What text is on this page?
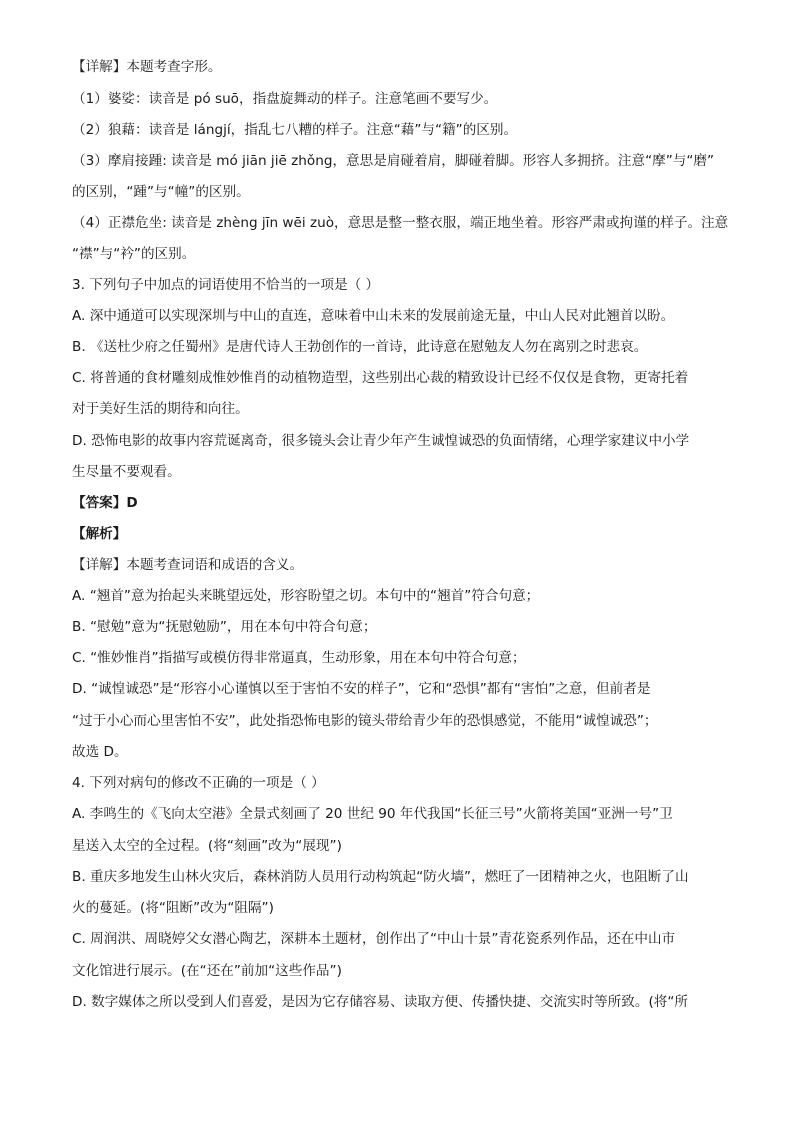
【详解】本题考查字形。
（1）婆娑：读音是 pó suō，指盘旋舞动的样子。注意笔画不要写少。
（2）狼藉：读音是 lángjí，指乱七八糟的样子。注意“藉”与“籍”的区别。
（3）摩肩接踵: 读音是 mó jiān jiē zhǒng，意思是肩碰着肩，脚碰着脚。形容人多拥挤。注意“摩”与“磨”
的区别，“踵”与“幢”的区别。
（4）正襟危坐: 读音是 zhèng jīn wēi zuò，意思是整一整衣服，端正地坐着。形容严肃或拘谨的样子。注意
“襟”与“衿”的区别。
3. 下列句子中加点的词语使用不恰当的一项是（ ）
A. 深中通道可以实现深圳与中山的直连，意味着中山未来的发展前途无量，中山人民对此翘首以盼。
B. 《送杜少府之任蜀州》是唐代诗人王勃创作的一首诗，此诗意在慰勉友人勿在离别之时悲哀。
C. 将普通的食材雕刻成惟妙惟肖的动植物造型，这些别出心裁的精致设计已经不仅仅是食物，更寄托着
对于美好生活的期待和向往。
D. 恐怖电影的故事内容荒诞离奇，很多镜头会让青少年产生诚惶诚恐的负面情绪，心理学家建议中小学
生尽量不要观看。
【答案】D
【解析】
【详解】本题考查词语和成语的含义。
A. “翘首”意为抬起头来眺望远处，形容盼望之切。本句中的“翘首”符合句意；
B. “慰勉”意为“抚慰勉励”，用在本句中符合句意；
C. “惟妙惟肖”指描写或模仿得非常逼真，生动形象，用在本句中符合句意；
D. “诚惶诚恐”是“形容小心谨慎以至于害怕不安的样子”，它和“恐惧”都有“害怕”之意，但前者是
“过于小心而心里害怕不安”，此处指恐怖电影的镜头带给青少年的恐惧感觉，不能用“诚惶诚恐”；
故选 D。
4. 下列对病句的修改不正确的一项是（ ）
A. 李鸣生的《飞向太空港》全景式刻画了 20 世纪 90 年代我国“长征三号”火箭将美国“亚洲一号”卫
星送入太空的全过程。(将“刻画”改为“展现”)
B. 重庆多地发生山林火灾后，森林消防人员用行动构筑起“防火墙”，燃旺了一团精神之火，也阻断了山
火的蔓延。(将“阻断”改为“阻隔”)
C. 周润洪、周晓婷父女潜心陶艺，深耕本土题材，创作出了“中山十景”青花瓷系列作品，还在中山市
文化馆进行展示。(在“还在”前加“这些作品”)
D. 数字媒体之所以受到人们喜爱，是因为它存储容易、读取方便、传播快捷、交流实时等所致。(将“所
